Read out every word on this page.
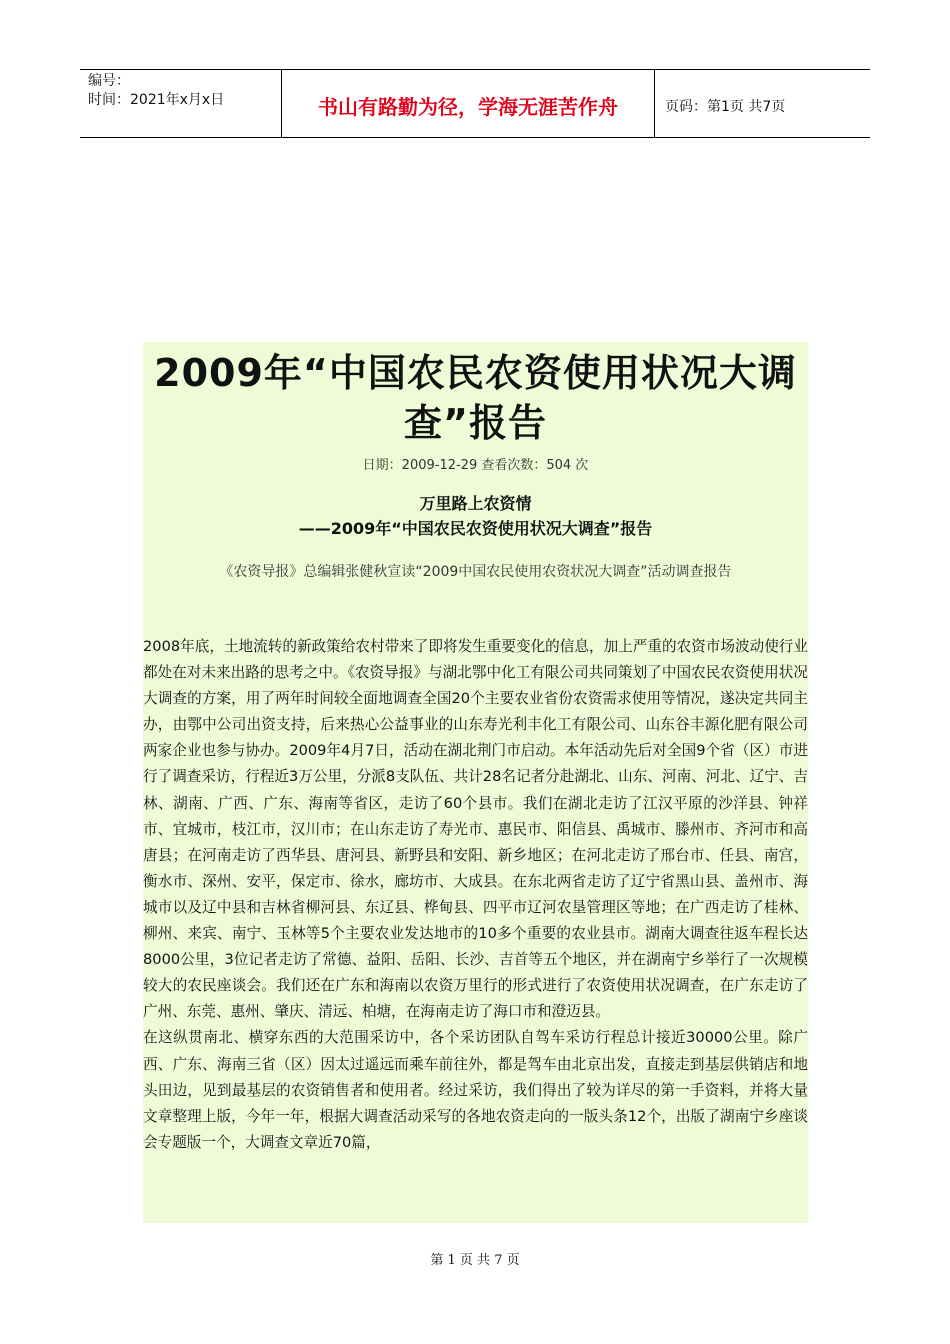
编号：
时间：2021年x月x日	书山有路勤为径，学海无涯苦作舟	页码：第1页 共7页
2009年“中国农民农资使用状况大调查”报告
日期：2009-12-29 查看次数：504 次
万里路上农资情
——2009年“中国农民农资使用状况大调查”报告
《农资导报》总编辑张健秋宣读“2009中国农民使用农资状况大调查”活动调查报告

2008年底，土地流转的新政策给农村带来了即将发生重要变化的信息，加上严重的农资市场波动使行业都处在对未来出路的思考之中。《农资导报》与湖北鄂中化工有限公司共同策划了中国农民农资使用状况大调查的方案，用了两年时间较全面地调查全国20个主要农业省份农资需求使用等情况，遂决定共同主办，由鄂中公司出资支持，后来热心公益事业的山东寿光利丰化工有限公司、山东谷丰源化肥有限公司两家企业也参与协办。2009年4月7日，活动在湖北荆门市启动。本年活动先后对全国9个省（区）市进行了调查采访，行程近3万公里，分派8支队伍、共计28名记者分赴湖北、山东、河南、河北、辽宁、吉林、湖南、广西、广东、海南等省区，走访了60个县市。我们在湖北走访了江汉平原的沙洋县、钟祥市、宜城市，枝江市，汉川市；在山东走访了寿光市、惠民市、阳信县、禹城市、滕州市、齐河市和高唐县；在河南走访了西华县、唐河县、新野县和安阳、新乡地区；在河北走访了邢台市、任县、南宫，衡水市、深州、安平，保定市、徐水，廊坊市、大成县。在东北两省走访了辽宁省黑山县、盖州市、海城市以及辽中县和吉林省柳河县、东辽县、桦甸县、四平市辽河农垦管理区等地；在广西走访了桂林、柳州、来宾、南宁、玉林等5个主要农业发达地市的10多个重要的农业县市。湖南大调查往返车程长达8000公里，3位记者走访了常德、益阳、岳阳、长沙、吉首等五个地区，并在湖南宁乡举行了一次规模较大的农民座谈会。我们还在广东和海南以农资万里行的形式进行了农资使用状况调查，在广东走访了广州、东莞、惠州、肇庆、清远、柏塘，在海南走访了海口市和澄迈县。

在这纵贯南北、横穿东西的大范围采访中，各个采访团队自驾车采访行程总计接近30000公里。除广西、广东、海南三省（区）因太过遥远而乘车前往外，都是驾车由北京出发，直接走到基层供销店和地头田边，见到最基层的农资销售者和使用者。经过采访，我们得出了较为详尽的第一手资料，并将大量文章整理上版，今年一年，根据大调查活动采写的各地农资走向的一版头条12个，出版了湖南宁乡座谈会专题版一个，大调查文章近70篇，

第 1 页 共 7 页
